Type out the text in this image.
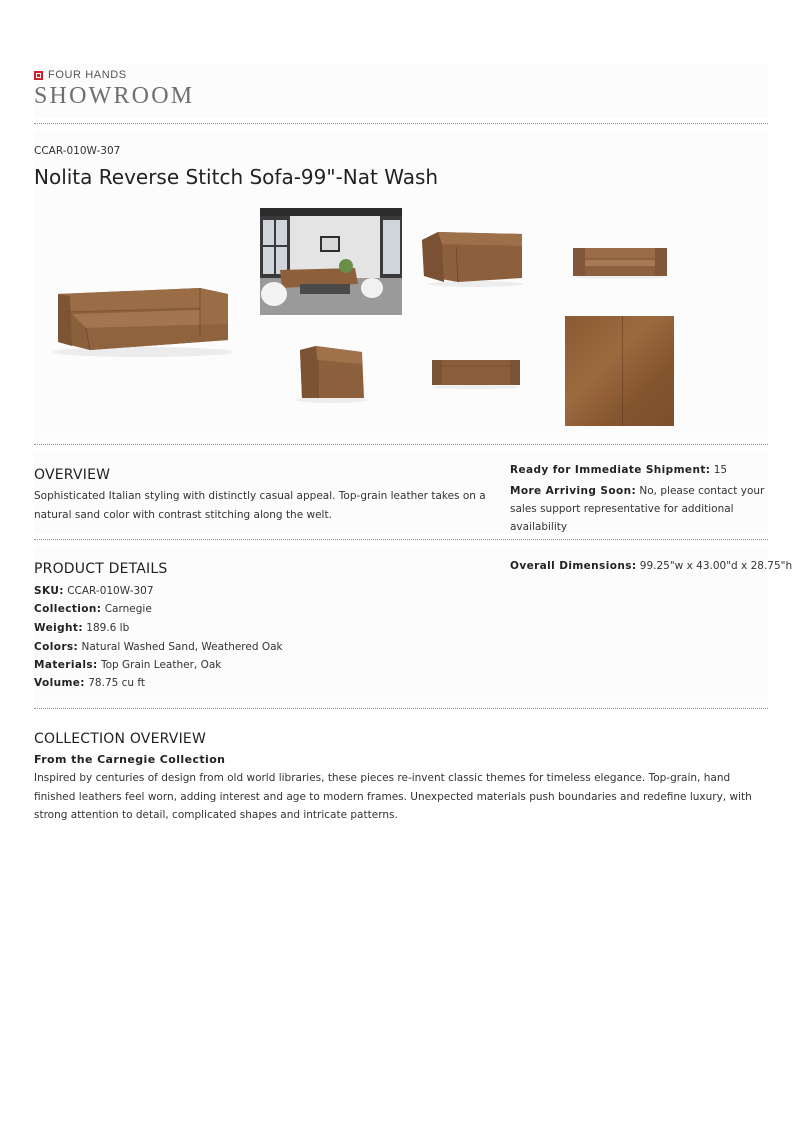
FOUR HANDS
SHOWROOM
CCAR-010W-307
Nolita Reverse Stitch Sofa-99"-Nat Wash
OVERVIEW
Sophisticated Italian styling with distinctly casual appeal. Top-grain leather takes on a natural sand color with contrast stitching along the welt.
Ready for Immediate Shipment: 15
More Arriving Soon: No, please contact your sales support representative for additional availability
PRODUCT DETAILS
SKU: CCAR-010W-307
Collection: Carnegie
Weight: 189.6 lb
Colors: Natural Washed Sand, Weathered Oak
Materials: Top Grain Leather, Oak
Volume: 78.75 cu ft
Overall Dimensions: 99.25"w x 43.00"d x 28.75"h
COLLECTION OVERVIEW
From the Carnegie Collection
Inspired by centuries of design from old world libraries, these pieces re-invent classic themes for timeless elegance. Top-grain, hand finished leathers feel worn, adding interest and age to modern frames. Unexpected materials push boundaries and redefine luxury, with strong attention to detail, complicated shapes and intricate patterns.
